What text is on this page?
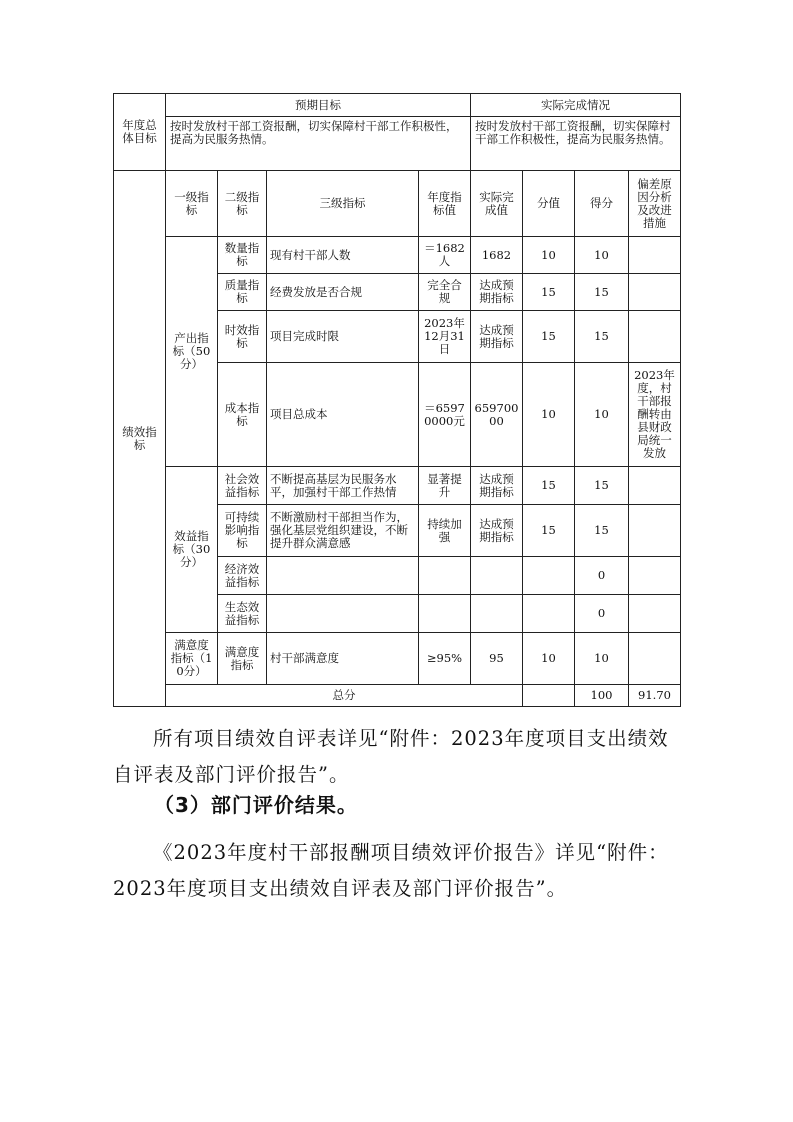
年度总体目标	预期目标				实际完成情况				
	按时发放村干部工资报酬，切实保障村干部工作积极性，提高为民服务热情。				按时发放村干部工资报酬，切实保障村干部工作积极性，提高为民服务热情。				
绩效指标	一级指标	二级指标	三级指标	年度指标值	实际完成值	分值	得分	偏差原因分析及改进措施	
	产出指标（50分）	数量指标	现有村干部人数	＝1682人	1682	10	10		
		质量指标	经费发放是否合规	完全合规	达成预期指标	15	15		
		时效指标	项目完成时限	2023年12月31日	达成预期指标	15	15		
		成本指标	项目总成本	＝65970000元	65970000	10	10	2023年度，村干部报酬转由县财政局统一发放	
	效益指标（30分）	社会效益指标	不断提高基层为民服务水平，加强村干部工作热情	显著提升	达成预期指标	15	15		
		可持续影响指标	不断激励村干部担当作为，强化基层党组织建设，不断提升群众满意感	持续加强	达成预期指标	15	15		
		经济效益指标					0		
		生态效益指标					0		
	满意度指标（10分）	满意度指标	村干部满意度	≥95%	95	10	10		
	总分						100	91.70	

所有项目绩效自评表详见“附件：2023年度项目支出绩效自评表及部门评价报告”。

（3）部门评价结果。

《2023年度村干部报酬项目绩效评价报告》详见“附件：2023年度项目支出绩效自评表及部门评价报告”。
